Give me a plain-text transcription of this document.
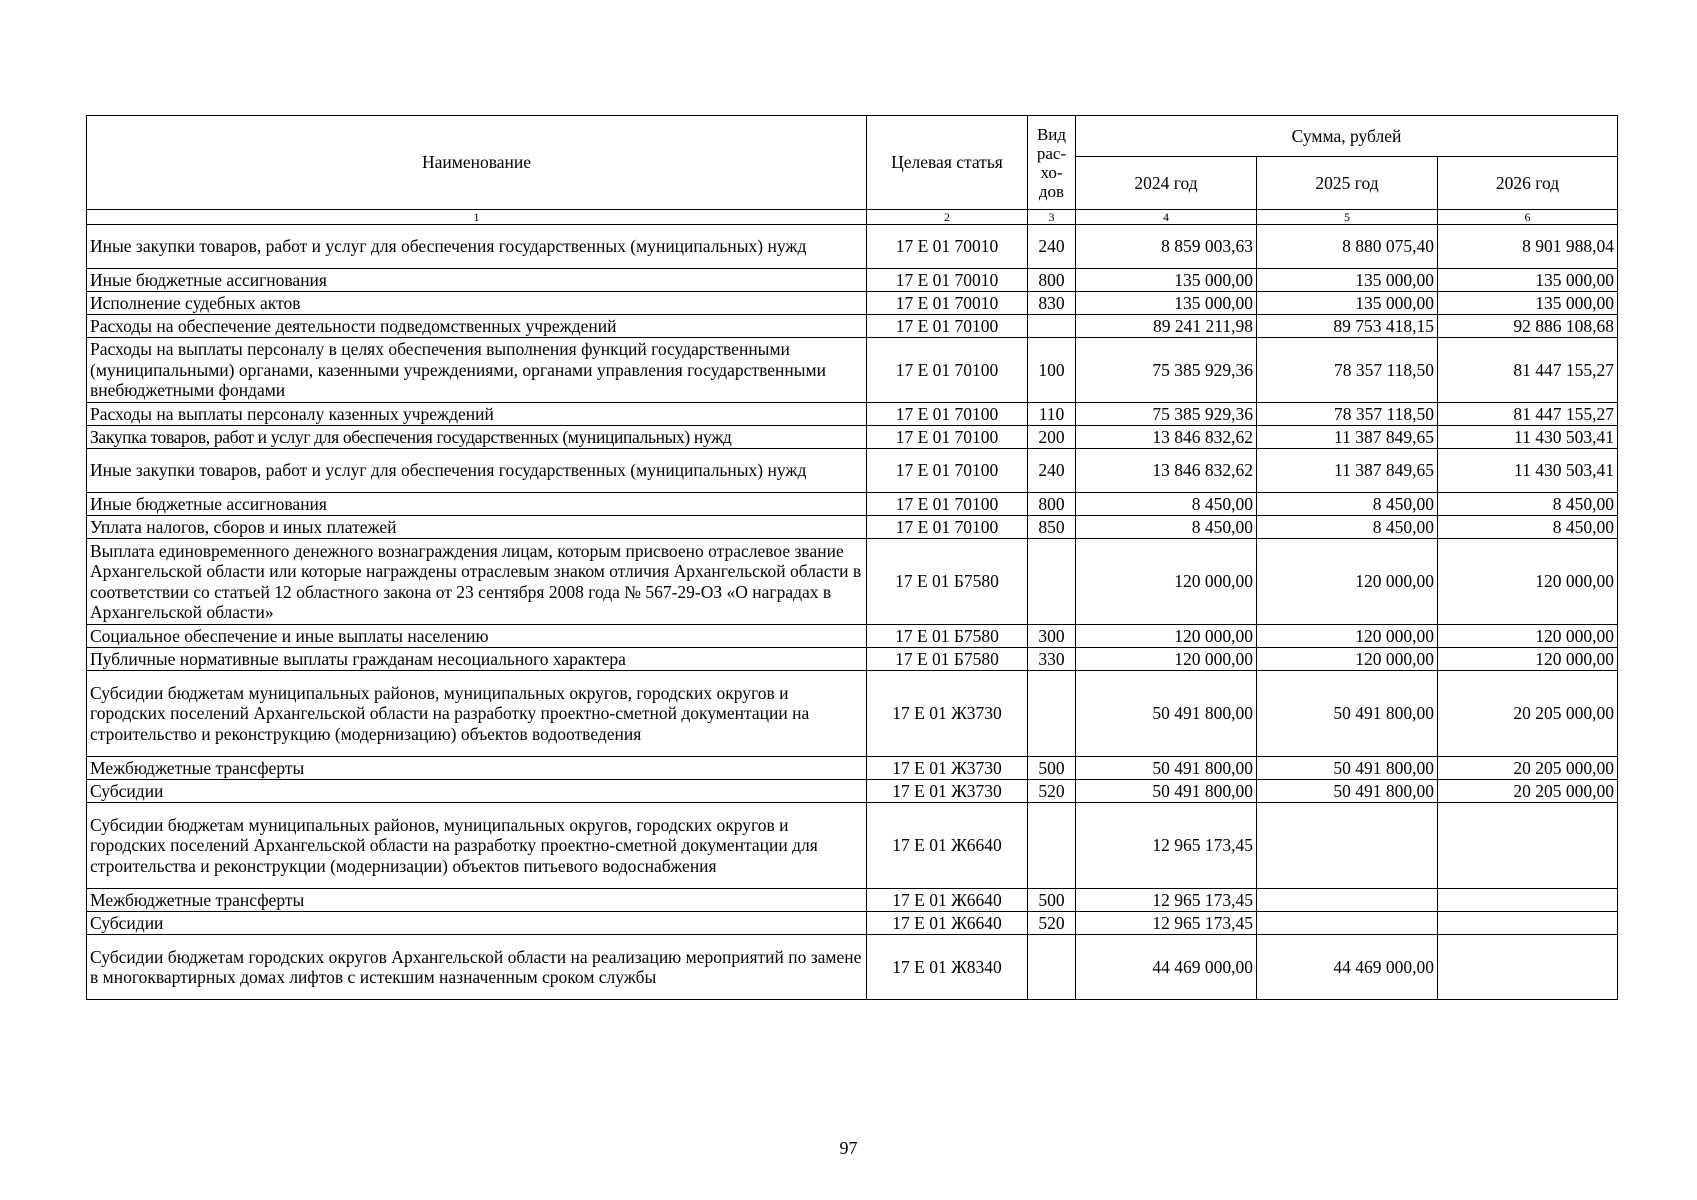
Наименование	Целевая статья	Вид рас-хо-дов	Сумма, рублей		
			2024 год	2025 год	2026 год
1	2	3	4	5	6
Иные закупки товаров, работ и услуг для обеспечения государственных (муниципальных) нужд	17 Е 01 70010	240	8 859 003,63	8 880 075,40	8 901 988,04
Иные бюджетные ассигнования	17 Е 01 70010	800	135 000,00	135 000,00	135 000,00
Исполнение судебных актов	17 Е 01 70010	830	135 000,00	135 000,00	135 000,00
Расходы на обеспечение деятельности подведомственных учреждений	17 Е 01 70100		89 241 211,98	89 753 418,15	92 886 108,68
Расходы на выплаты персоналу в целях обеспечения выполнения функций государственными (муниципальными) органами, казенными учреждениями, органами управления государственными внебюджетными фондами	17 Е 01 70100	100	75 385 929,36	78 357 118,50	81 447 155,27
Расходы на выплаты персоналу казенных учреждений	17 Е 01 70100	110	75 385 929,36	78 357 118,50	81 447 155,27
Закупка товаров, работ и услуг для обеспечения государственных (муниципальных) нужд	17 Е 01 70100	200	13 846 832,62	11 387 849,65	11 430 503,41
Иные закупки товаров, работ и услуг для обеспечения государственных (муниципальных) нужд	17 Е 01 70100	240	13 846 832,62	11 387 849,65	11 430 503,41
Иные бюджетные ассигнования	17 Е 01 70100	800	8 450,00	8 450,00	8 450,00
Уплата налогов, сборов и иных платежей	17 Е 01 70100	850	8 450,00	8 450,00	8 450,00
Выплата единовременного денежного вознаграждения лицам, которым присвоено отраслевое звание Архангельской области или которые награждены отраслевым знаком отличия Архангельской области в соответствии со статьей 12 областного закона от 23 сентября 2008 года № 567-29-ОЗ «О наградах в Архангельской области»	17 Е 01 Б7580		120 000,00	120 000,00	120 000,00
Социальное обеспечение и иные выплаты населению	17 Е 01 Б7580	300	120 000,00	120 000,00	120 000,00
Публичные нормативные выплаты гражданам несоциального характера	17 Е 01 Б7580	330	120 000,00	120 000,00	120 000,00
Субсидии бюджетам муниципальных районов, муниципальных округов, городских округов и городских поселений Архангельской области на разработку проектно-сметной документации на строительство и реконструкцию (модернизацию) объектов водоотведения	17 Е 01 Ж3730		50 491 800,00	50 491 800,00	20 205 000,00
Межбюджетные трансферты	17 Е 01 Ж3730	500	50 491 800,00	50 491 800,00	20 205 000,00
Субсидии	17 Е 01 Ж3730	520	50 491 800,00	50 491 800,00	20 205 000,00
Субсидии бюджетам муниципальных районов, муниципальных округов, городских округов и городских поселений Архангельской области на разработку проектно-сметной документации для строительства и реконструкции (модернизации) объектов питьевого водоснабжения	17 Е 01 Ж6640		12 965 173,45		
Межбюджетные трансферты	17 Е 01 Ж6640	500	12 965 173,45		
Субсидии	17 Е 01 Ж6640	520	12 965 173,45		
Субсидии бюджетам городских округов Архангельской области на реализацию мероприятий по замене в многоквартирных домах лифтов с истекшим назначенным сроком службы	17 Е 01 Ж8340		44 469 000,00	44 469 000,00	
97
